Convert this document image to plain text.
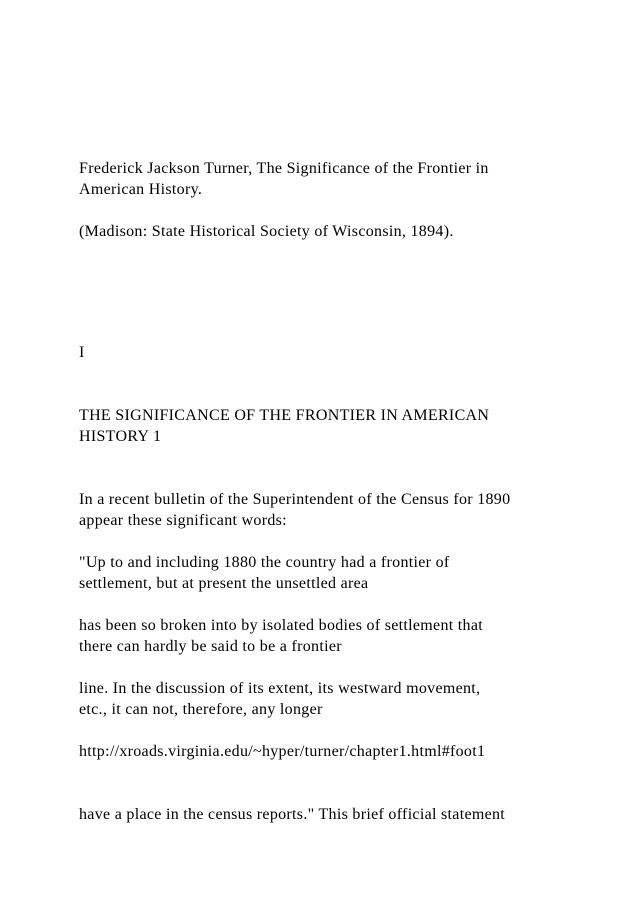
Frederick Jackson Turner, The Significance of the Frontier in
American History.
(Madison: State Historical Society of Wisconsin, 1894).
I
THE SIGNIFICANCE OF THE FRONTIER IN AMERICAN
HISTORY 1
In a recent bulletin of the Superintendent of the Census for 1890
appear these significant words:
"Up to and including 1880 the country had a frontier of
settlement, but at present the unsettled area
has been so broken into by isolated bodies of settlement that
there can hardly be said to be a frontier
line. In the discussion of its extent, its westward movement,
etc., it can not, therefore, any longer
http://xroads.virginia.edu/~hyper/turner/chapter1.html#foot1
have a place in the census reports." This brief official statement
